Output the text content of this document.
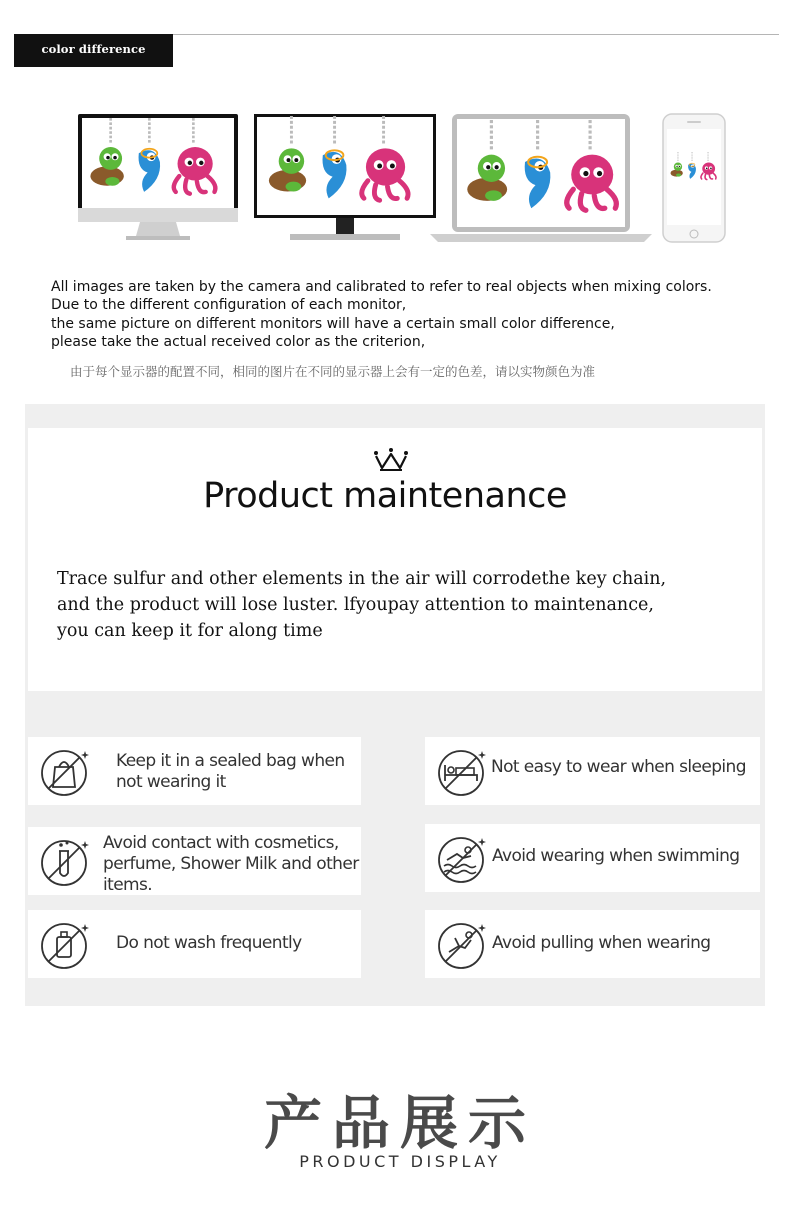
color difference problem
All images are taken by the camera and calibrated to refer to real objects when mixing colors.
Due to the different configuration of each monitor,
the same picture on different monitors will have a certain small color difference,
please take the actual received color as the criterion,
由于每个显示器的配置不同，相同的图片在不同的显示器上会有一定的色差，请以实物颜色为准
Product maintenance
Trace sulfur and other elements in the air will corrodethe key chain,
and the product will lose luster. lfyoupay attention to maintenance,
you can keep it for along time
Keep it in a sealed bag when
not wearing it
Not easy to wear when sleeping
Avoid contact with cosmetics,
perfume, Shower Milk and other
items.
Avoid wearing when swimming
Do not wash frequently	Avoid pulling when wearing
产品展示
PRODUCT DISPLAY
